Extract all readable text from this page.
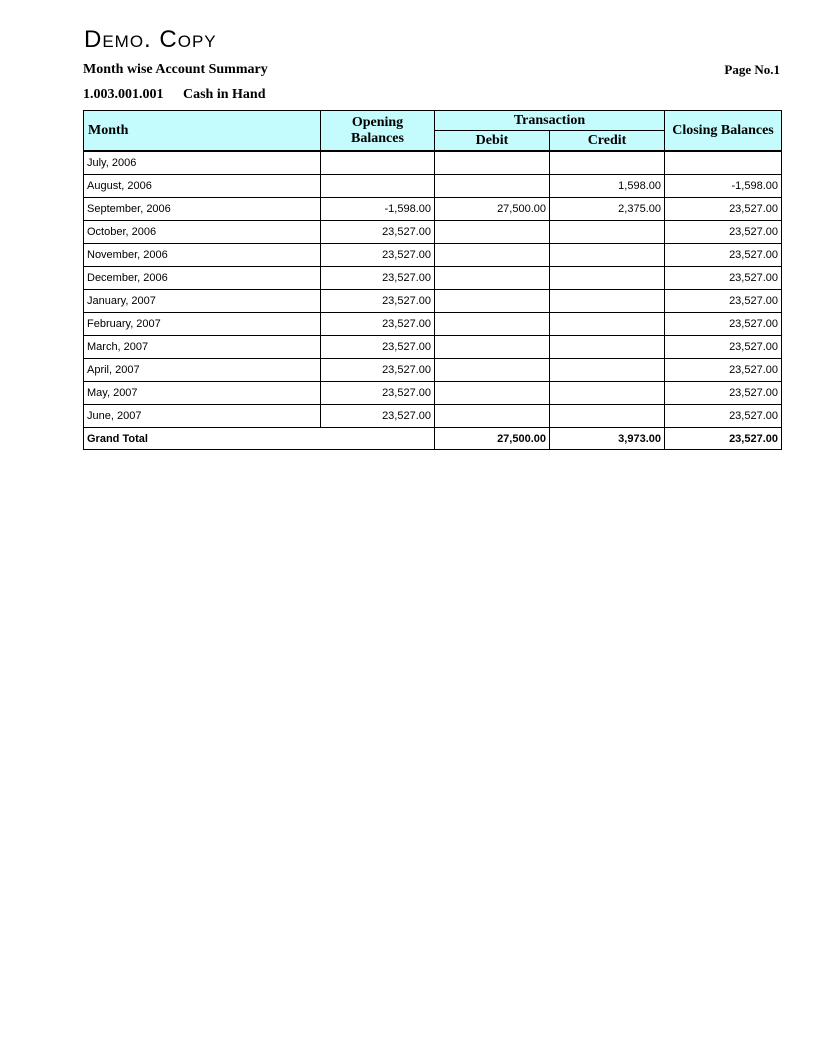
Demo. Copy
Month wise Account Summary	Page No.1
1.003.001.001 Cash in Hand
Month	Opening Balances	Transaction		Closing Balances
		Debit	Credit	
July, 2006				
August, 2006			1,598.00	-1,598.00
September, 2006	-1,598.00	27,500.00	2,375.00	23,527.00
October, 2006	23,527.00			23,527.00
November, 2006	23,527.00			23,527.00
December, 2006	23,527.00			23,527.00
January, 2007	23,527.00			23,527.00
February, 2007	23,527.00			23,527.00
March, 2007	23,527.00			23,527.00
April, 2007	23,527.00			23,527.00
May, 2007	23,527.00			23,527.00
June, 2007	23,527.00			23,527.00
Grand Total		27,500.00	3,973.00	23,527.00
